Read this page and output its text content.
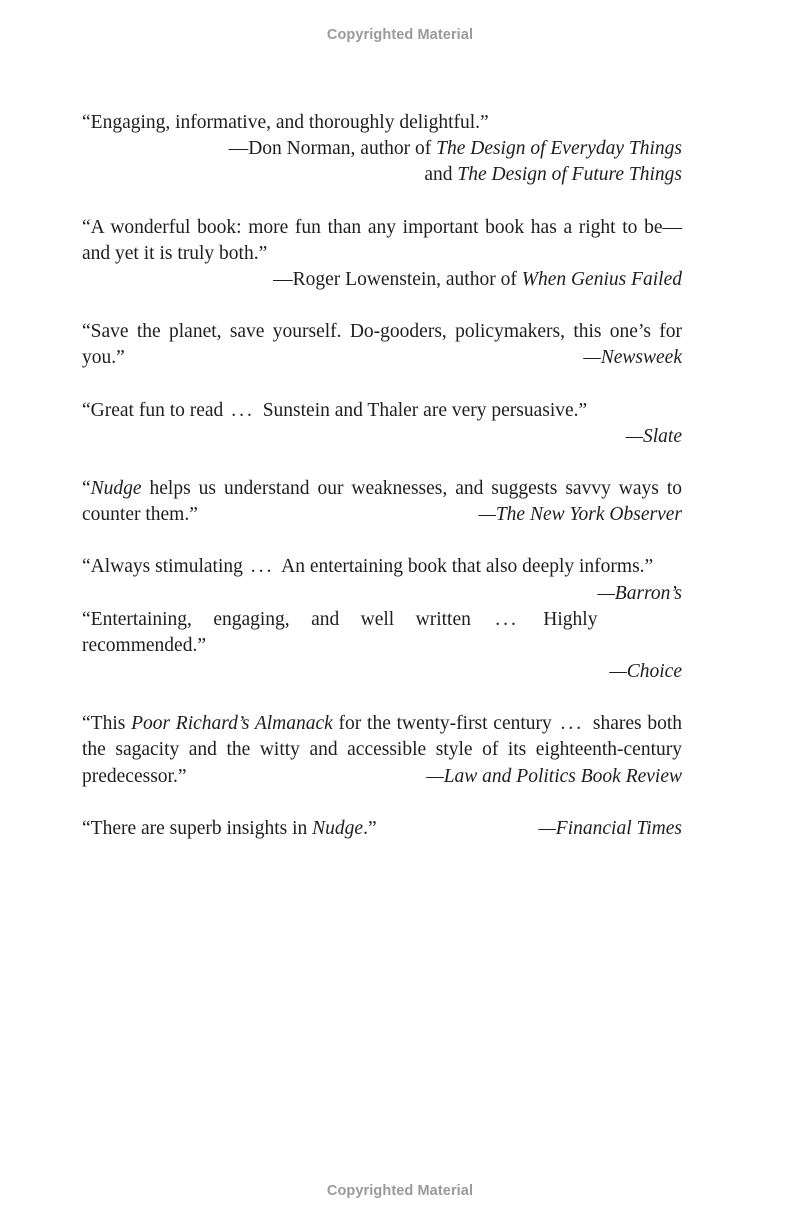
Copyrighted Material
“Engaging, informative, and thoroughly delightful.”
—Don Norman, author of The Design of Everyday Things
and The Design of Future Things
“A wonderful book: more fun than any important book has a right to be—and yet it is truly both.”
—Roger Lowenstein, author of When Genius Failed
“Save the planet, save yourself. Do-gooders, policymakers, this one’s for you.”	—Newsweek
“Great fun to read ... Sunstein and Thaler are very persuasive.”
—Slate
“Nudge helps us understand our weaknesses, and suggests savvy ways to counter them.”	—The New York Observer
“Always stimulating ... An entertaining book that also deeply informs.”
—Barron’s
“Entertaining, engaging, and well written ... Highly recommended.”
—Choice
“This Poor Richard’s Almanack for the twenty-first century ... shares both the sagacity and the witty and accessible style of its eighteenth-century predecessor.”	—Law and Politics Book Review
“There are superb insights in Nudge.”	—Financial Times
Copyrighted Material
